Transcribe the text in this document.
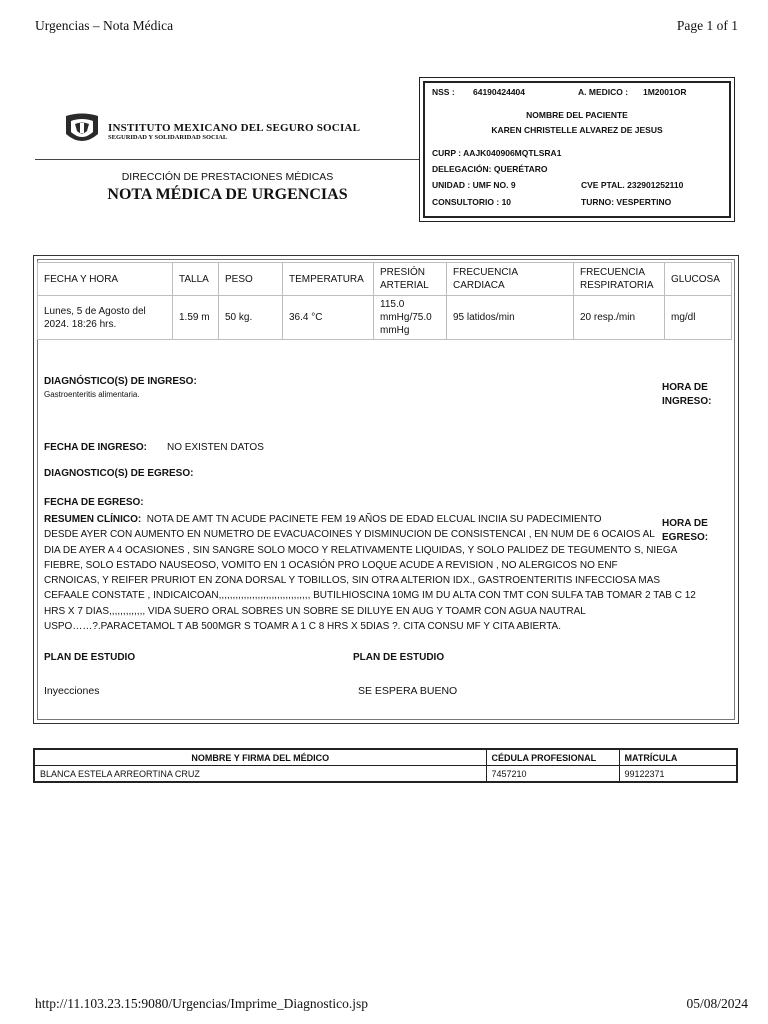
Urgencias – Nota Médica	Page 1 of 1
INSTITUTO MEXICANO DEL SEGURO SOCIAL
SEGURIDAD Y SOLIDARIDAD SOCIAL
DIRECCIÓN DE PRESTACIONES MÉDICAS
NOTA MÉDICA DE URGENCIAS
NSS : 64190424404	A. MEDICO : 1M2001OR
NOMBRE DEL PACIENTE
KAREN CHRISTELLE ALVAREZ DE JESUS
CURP : AAJK040906MQTLSRA1
DELEGACIÓN: QUERÉTARO
UNIDAD : UMF NO. 9	CVE PTAL. 232901252110
CONSULTORIO : 10	TURNO: VESPERTINO
FECHA Y HORA	TALLA	PESO	TEMPERATURA	PRESIÓN ARTERIAL	FRECUENCIA CARDIACA	FRECUENCIA RESPIRATORIA	GLUCOSA
Lunes, 5 de Agosto del 2024. 18:26 hrs.	1.59 m	50 kg.	36.4 °C	115.0 mmHg/75.0 mmHg	95 latidos/min	20 resp./min	mg/dl
DIAGNÓSTICO(S) DE INGRESO:
Gastroenteritis alimentaria.
HORA DE INGRESO:
FECHA DE INGRESO: NO EXISTEN DATOS
DIAGNOSTICO(S) DE EGRESO:
FECHA DE EGRESO:
HORA DE EGRESO:
RESUMEN CLÍNICO: NOTA DE AMT TN ACUDE PACINETE FEM 19 AÑOS DE EDAD ELCUAL INCIIA SU PADECIMIENTO
DESDE AYER CON AUMENTO EN NUMETRO DE EVACUACOINES Y DISMINUCION DE CONSISTENCAI , EN NUM DE 6 OCAIOS AL
DIA DE AYER A 4 OCASIONES , SIN SANGRE SOLO MOCO Y RELATIVAMENTE LIQUIDAS, Y SOLO PALIDEZ DE TEGUMENTO S, NIEGA
FIEBRE, SOLO ESTADO NAUSEOSO, VOMITO EN 1 OCASIÓN PRO LOQUE ACUDE A REVISION , NO ALERGICOS NO ENF
CRNOICAS, Y REIFER PRURIOT EN ZONA DORSAL Y TOBILLOS, SIN OTRA ALTERION IDX., GASTROENTERITIS INFECCIOSA MAS
CEFAALE CONSTATE , INDICAICOAN,,,,,,,,,,,,,,,,,,,,,,,,,,,,,,,,, BUTILHIOSCINA 10MG IM DU ALTA CON TMT CON SULFA TAB TOMAR 2 TAB C 12
HRS X 7 DIAS,,,,,,,,,,,,, VIDA SUERO ORAL SOBRES UN SOBRE SE DILUYE EN AUG Y TOAMR CON AGUA NAUTRAL
USPO……?.PARACETAMOL T AB 500MGR S TOAMR A 1 C 8 HRS X 5DIAS ?. CITA CONSU MF Y CITA ABIERTA.
PLAN DE ESTUDIO	PLAN DE ESTUDIO
Inyecciones	SE ESPERA BUENO
NOMBRE Y FIRMA DEL MÉDICO	CÉDULA PROFESIONAL	MATRÍCULA
BLANCA ESTELA ARREORTINA CRUZ	7457210	99122371
http://11.103.23.15:9080/Urgencias/Imprime_Diagnostico.jsp	05/08/2024
